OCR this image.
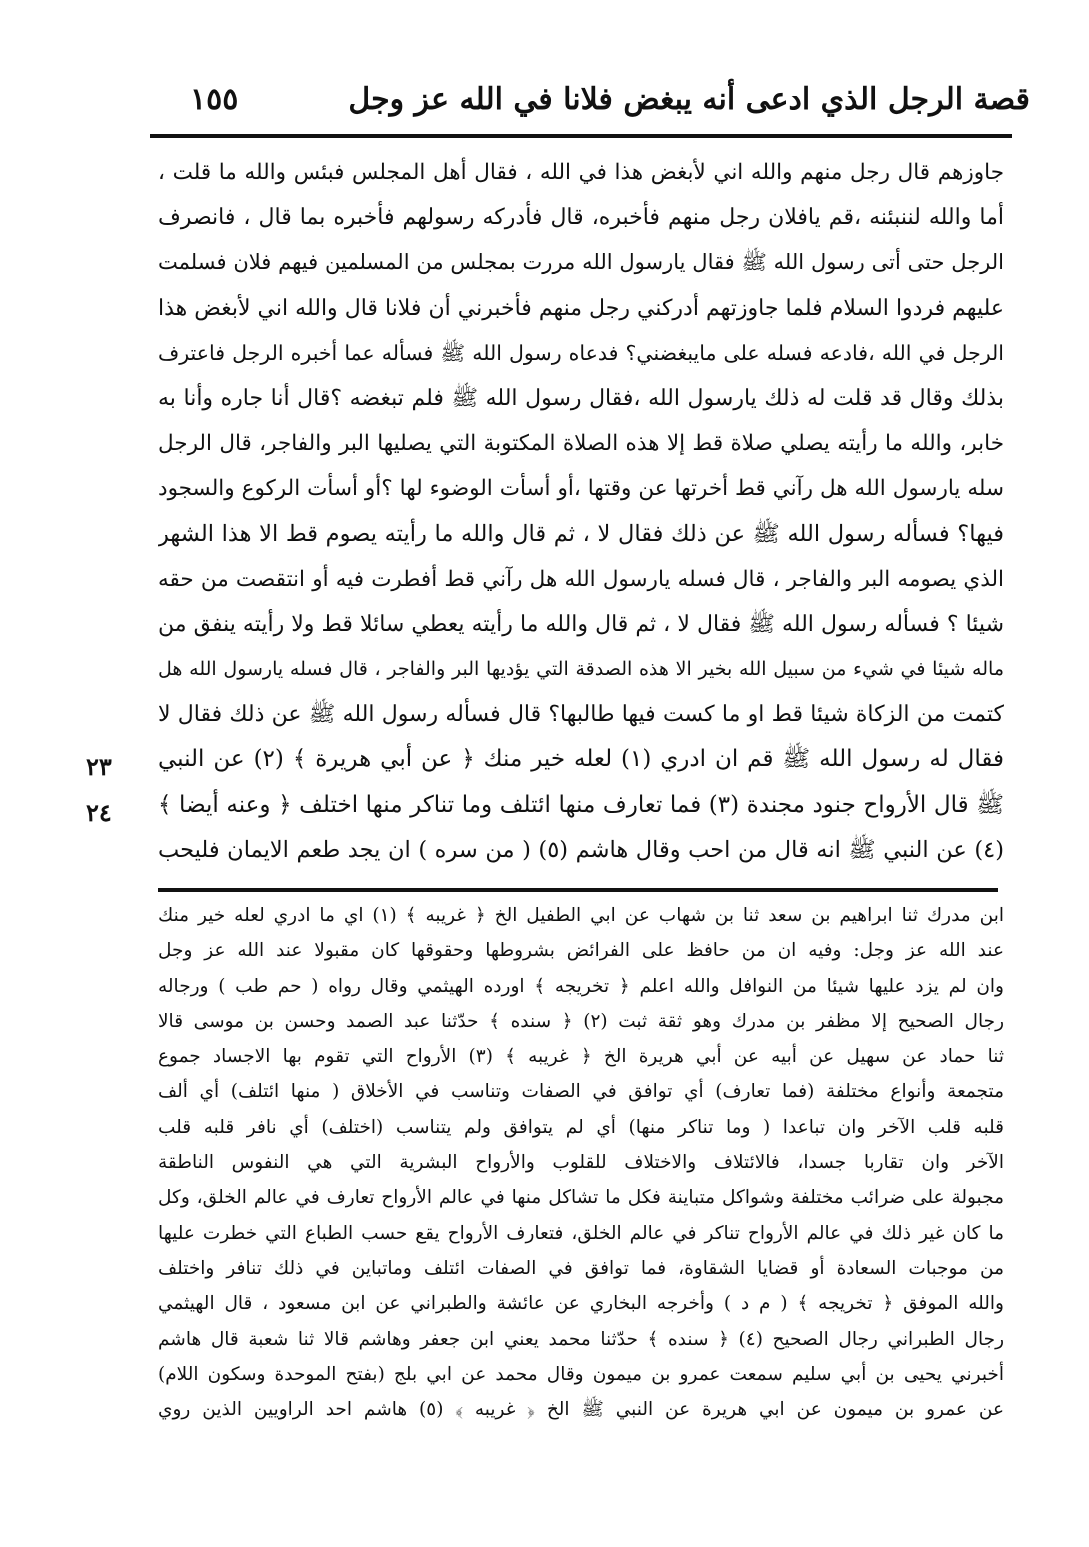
قصة الرجل الذي ادعى أنه يبغض فلانا في الله عز وجل
١٥٥
جاوزهم قال رجل منهم والله اني لأبغض هذا في الله ، فقال أهل المجلس فبئس والله ما قلت ،
أما والله لننبئنه ،قم يافلان رجل منهم فأخبره، قال فأدركه رسولهم فأخبره بما قال ، فانصرف
الرجل حتى أتى رسول الله ﷺ فقال يارسول الله مررت بمجلس من المسلمين فيهم فلان فسلمت
عليهم فردوا السلام فلما جاوزتهم أدركني رجل منهم فأخبرني أن فلانا قال والله اني لأبغض هذا
الرجل في الله ،فادعه فسله على مايبغضني؟ فدعاه رسول الله ﷺ فسأله عما أخبره الرجل فاعترف
بذلك وقال قد قلت له ذلك يارسول الله ،فقال رسول الله ﷺ فلم تبغضه ؟قال أنا جاره وأنا به
خابر، والله ما رأيته يصلي صلاة قط إلا هذه الصلاة المكتوبة التي يصليها البر والفاجر، قال الرجل
سله يارسول الله هل رآني قط أخرتها عن وقتها ،أو أسأت الوضوء لها ؟أو أسأت الركوع والسجود
فيها؟ فسأله رسول الله ﷺ عن ذلك فقال لا ، ثم قال والله ما رأيته يصوم قط الا هذا الشهر
الذي يصومه البر والفاجر ، قال فسله يارسول الله هل رآني قط أفطرت فيه أو انتقصت من حقه
شيئا ؟ فسأله رسول الله ﷺ فقال لا ، ثم قال والله ما رأيته يعطي سائلا قط ولا رأيته ينفق من
ماله شيئا في شيء من سبيل الله بخير الا هذه الصدقة التي يؤديها البر والفاجر ، قال فسله يارسول الله هل
كتمت من الزكاة شيئا قط او ما كست فيها طالبها؟ قال فسأله رسول الله ﷺ عن ذلك فقال لا
فقال له رسول الله ﷺ قم ان ادري (١) لعله خير منك ﴿ عن أبي هريرة ﴾ (٢) عن النبي
ﷺ قال الأرواح جنود مجندة (٣) فما تعارف منها ائتلف وما تناكر منها اختلف ﴿ وعنه أيضا ﴾
(٤) عن النبي ﷺ انه قال من احب وقال هاشم (٥) ( من سره ) ان يجد طعم الايمان فليحب
٢٣
٢٤
ابن مدرك ثنا ابراهيم بن سعد ثنا بن شهاب عن ابي الطفيل الخ ﴿ غريبه ﴾ (١) اي ما ادري لعله خير منك
عند الله عز وجل: وفيه ان من حافظ على الفرائض بشروطها وحقوقها كان مقبولا عند الله عز وجل
وان لم يزد عليها شيئا من النوافل والله اعلم ﴿ تخريجه ﴾ اورده الهيثمي وقال رواه ( حم طب ) ورجاله
رجال الصحيح إلا مظفر بن مدرك وهو ثقة ثبت (٢) ﴿ سنده ﴾ حدّثنا عبد الصمد وحسن بن موسى قالا
ثنا حماد عن سهيل عن أبيه عن أبي هريرة الخ ﴿ غريبه ﴾ (٣) الأرواح التي تقوم بها الاجساد جموع
متجمعة وأنواع مختلفة (فما تعارف) أي توافق في الصفات وتناسب في الأخلاق ( منها ائتلف) أي ألف
قلبه قلب الآخر وان تباعدا ( وما تناكر منها) أي لم يتوافق ولم يتناسب (اختلف) أي نافر قلبه قلب
الآخر وان تقاربا جسدا، فالائتلاف والاختلاف للقلوب والأرواح البشرية التي هي النفوس الناطقة
مجبولة على ضرائب مختلفة وشواكل متباينة فكل ما تشاكل منها في عالم الأرواح تعارف في عالم الخلق، وكل
ما كان غير ذلك في عالم الأرواح تناكر في عالم الخلق، فتعارف الأرواح يقع حسب الطباع التي خطرت عليها
من موجبات السعادة أو قضايا الشقاوة، فما توافق في الصفات ائتلف وماتباين في ذلك تنافر واختلف
والله الموفق ﴿ تخريجه ﴾ ( م د ) وأخرجه البخاري عن عائشة والطبراني عن ابن مسعود ، قال الهيثمي
رجال الطبراني رجال الصحيح (٤) ﴿ سنده ﴾ حدّثنا محمد يعني ابن جعفر وهاشم قالا ثنا شعبة قال هاشم
أخبرني يحيى بن أبي سليم سمعت عمرو بن ميمون وقال محمد عن ابي بلج (بفتح الموحدة وسكون اللام)
عن عمرو بن ميمون عن ابي هريرة عن النبي ﷺ الخ ﴿ غريبه ﴾ (٥) هاشم احد الراويين الذين روي
